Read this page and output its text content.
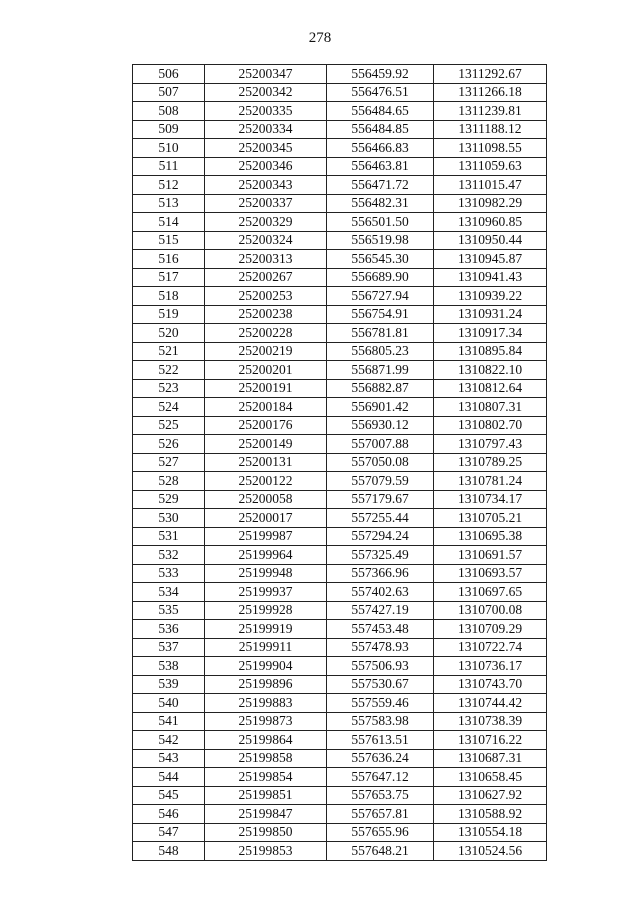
278
506	25200347	556459.92	1311292.67
507	25200342	556476.51	1311266.18
508	25200335	556484.65	1311239.81
509	25200334	556484.85	1311188.12
510	25200345	556466.83	1311098.55
511	25200346	556463.81	1311059.63
512	25200343	556471.72	1311015.47
513	25200337	556482.31	1310982.29
514	25200329	556501.50	1310960.85
515	25200324	556519.98	1310950.44
516	25200313	556545.30	1310945.87
517	25200267	556689.90	1310941.43
518	25200253	556727.94	1310939.22
519	25200238	556754.91	1310931.24
520	25200228	556781.81	1310917.34
521	25200219	556805.23	1310895.84
522	25200201	556871.99	1310822.10
523	25200191	556882.87	1310812.64
524	25200184	556901.42	1310807.31
525	25200176	556930.12	1310802.70
526	25200149	557007.88	1310797.43
527	25200131	557050.08	1310789.25
528	25200122	557079.59	1310781.24
529	25200058	557179.67	1310734.17
530	25200017	557255.44	1310705.21
531	25199987	557294.24	1310695.38
532	25199964	557325.49	1310691.57
533	25199948	557366.96	1310693.57
534	25199937	557402.63	1310697.65
535	25199928	557427.19	1310700.08
536	25199919	557453.48	1310709.29
537	25199911	557478.93	1310722.74
538	25199904	557506.93	1310736.17
539	25199896	557530.67	1310743.70
540	25199883	557559.46	1310744.42
541	25199873	557583.98	1310738.39
542	25199864	557613.51	1310716.22
543	25199858	557636.24	1310687.31
544	25199854	557647.12	1310658.45
545	25199851	557653.75	1310627.92
546	25199847	557657.81	1310588.92
547	25199850	557655.96	1310554.18
548	25199853	557648.21	1310524.56
